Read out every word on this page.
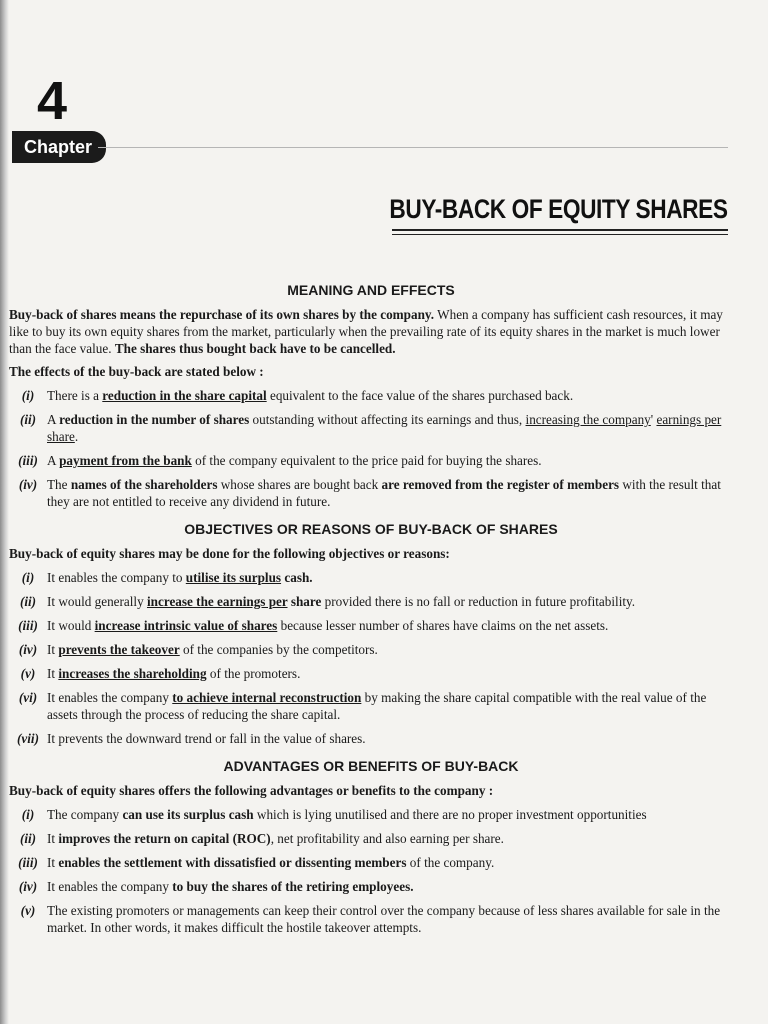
4
Chapter
BUY-BACK OF EQUITY SHARES
MEANING AND EFFECTS

Buy-back of shares means the repurchase of its own shares by the company. When a company has sufficient cash resources, it may like to buy its own equity shares from the market, particularly when the prevailing rate of its equity shares in the market is much lower than the face value. The shares thus bought back have to be cancelled.

The effects of the buy-back are stated below :

(i) There is a reduction in the share capital equivalent to the face value of the shares purchased back.
(ii) A reduction in the number of shares outstanding without affecting its earnings and thus, increasing the company' earnings per share.
(iii) A payment from the bank of the company equivalent to the price paid for buying the shares.
(iv) The names of the shareholders whose shares are bought back are removed from the register of members with the result that they are not entitled to receive any dividend in future.
OBJECTIVES OR REASONS OF BUY-BACK OF SHARES

Buy-back of equity shares may be done for the following objectives or reasons:

(i) It enables the company to utilise its surplus cash.
(ii) It would generally increase the earnings per share provided there is no fall or reduction in future profitability.
(iii) It would increase intrinsic value of shares because lesser number of shares have claims on the net assets.
(iv) It prevents the takeover of the companies by the competitors.
(v) It increases the shareholding of the promoters.
(vi) It enables the company to achieve internal reconstruction by making the share capital compatible with the real value of the assets through the process of reducing the share capital.
(vii) It prevents the downward trend or fall in the value of shares.
ADVANTAGES OR BENEFITS OF BUY-BACK

Buy-back of equity shares offers the following advantages or benefits to the company :

(i) The company can use its surplus cash which is lying unutilised and there are no proper investment opportunities
(ii) It improves the return on capital (ROC), net profitability and also earning per share.
(iii) It enables the settlement with dissatisfied or dissenting members of the company.
(iv) It enables the company to buy the shares of the retiring employees.
(v) The existing promoters or managements can keep their control over the company because of less shares available for sale in the market. In other words, it makes difficult the hostile takeover attempts.
